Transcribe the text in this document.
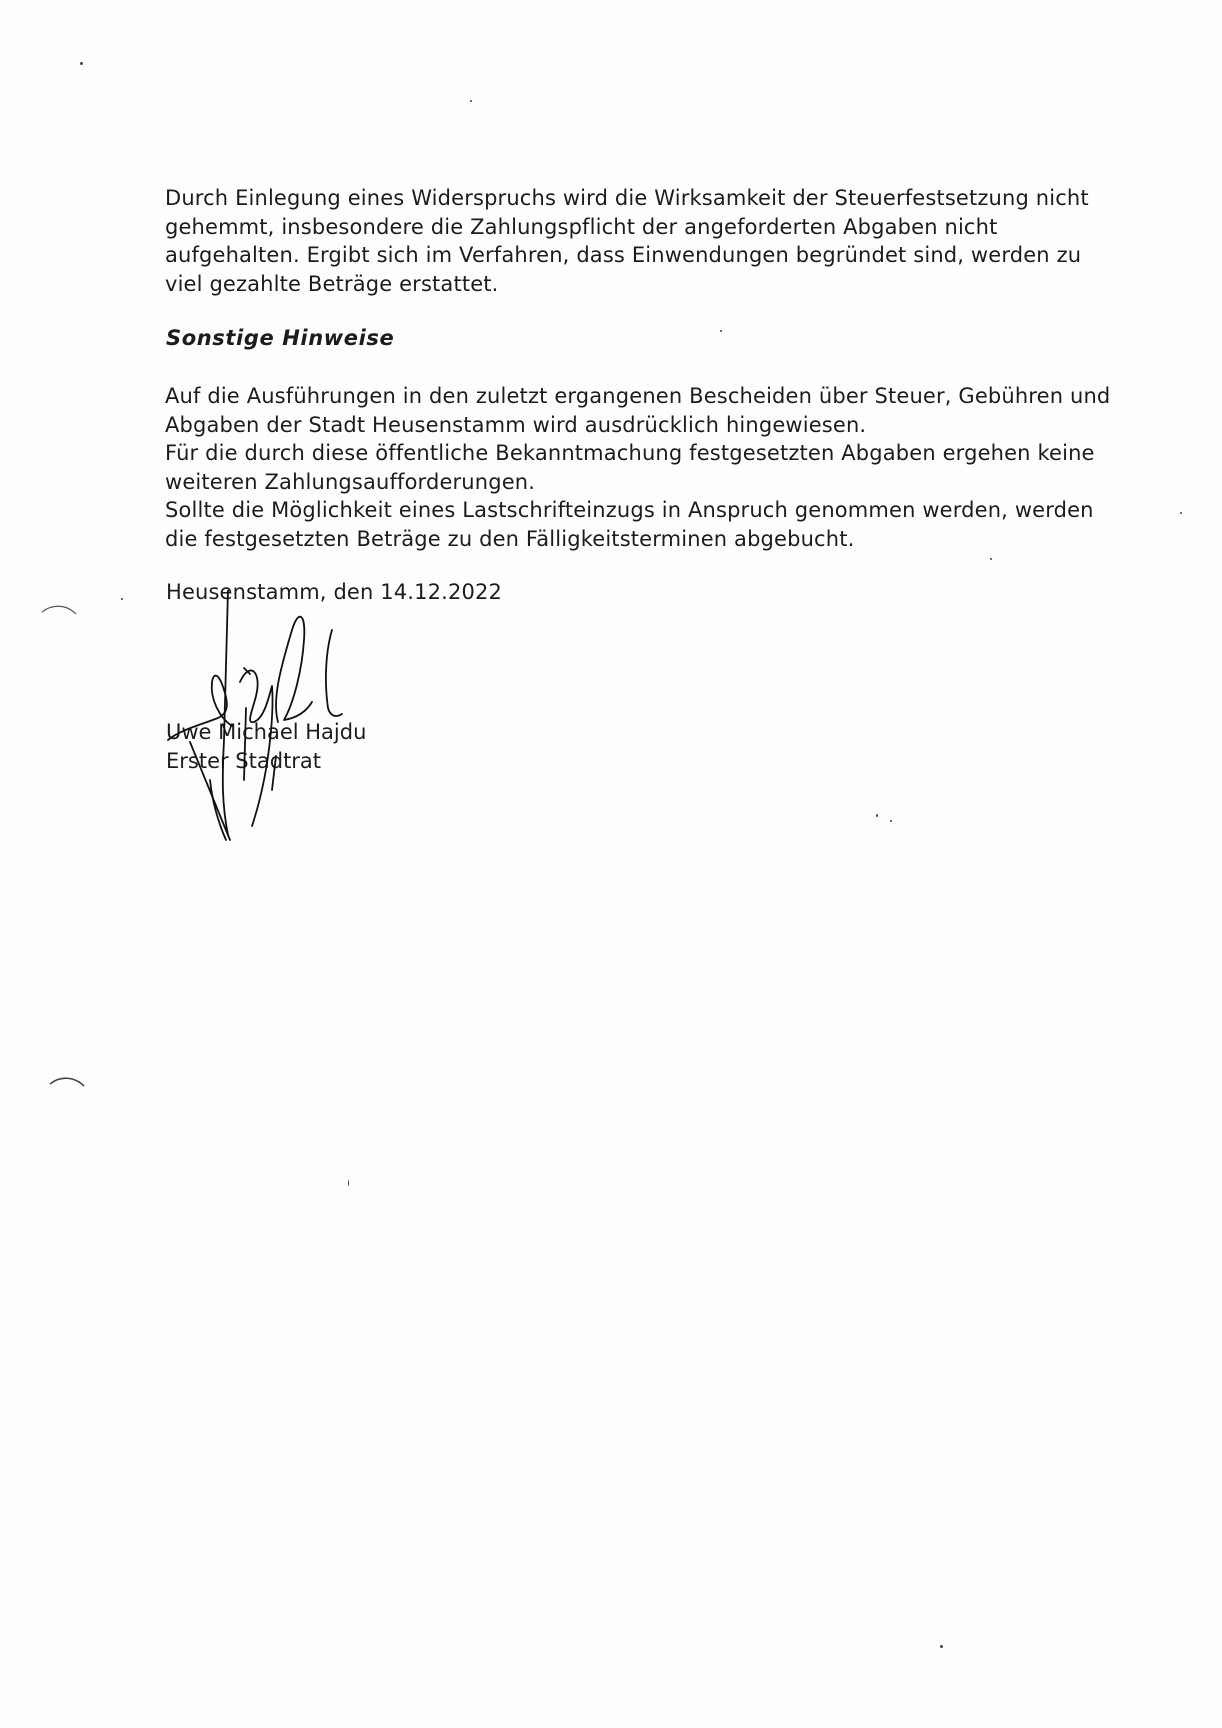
Durch Einlegung eines Widerspruchs wird die Wirksamkeit der Steuerfestsetzung nicht
gehemmt, insbesondere die Zahlungspflicht der angeforderten Abgaben nicht
aufgehalten. Ergibt sich im Verfahren, dass Einwendungen begründet sind, werden zu
viel gezahlte Beträge erstattet.
Sonstige Hinweise
Auf die Ausführungen in den zuletzt ergangenen Bescheiden über Steuer, Gebühren und
Abgaben der Stadt Heusenstamm wird ausdrücklich hingewiesen.
Für die durch diese öffentliche Bekanntmachung festgesetzten Abgaben ergehen keine
weiteren Zahlungsaufforderungen.
Sollte die Möglichkeit eines Lastschrifteinzugs in Anspruch genommen werden, werden
die festgesetzten Beträge zu den Fälligkeitsterminen abgebucht.
Heusenstamm, den 14.12.2022
Uwe Michael Hajdu
Erster Stadtrat
